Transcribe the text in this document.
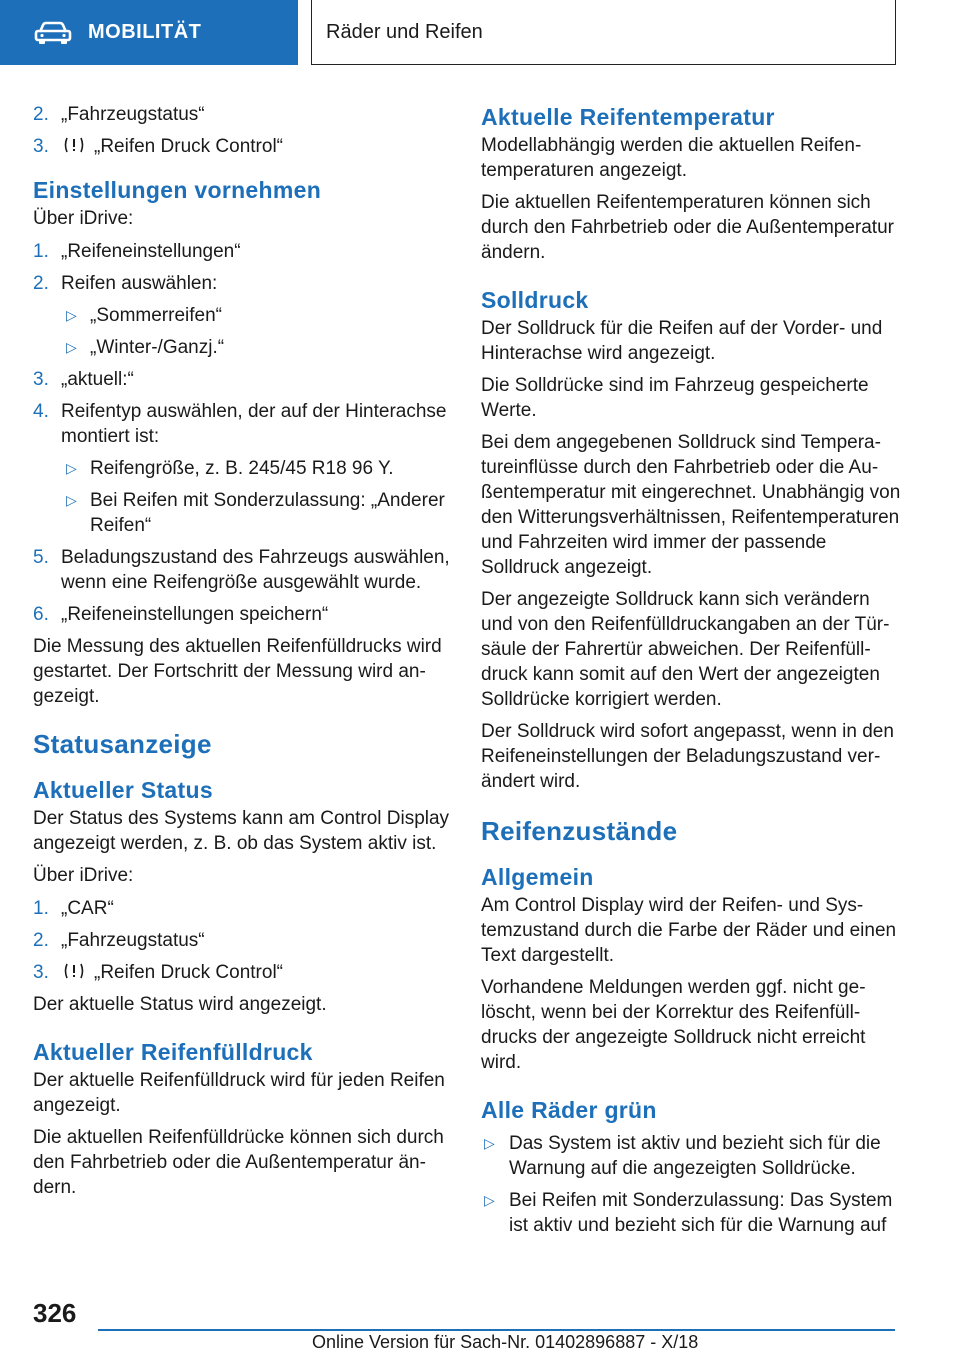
MOBILITÄT	Räder und Reifen
2. „Fahrzeugstatus“
3.	„Reifen Druck Control“
Einstellungen vornehmen
Über iDrive:
1. „Reifeneinstellungen“
2. Reifen auswählen:
▷ „Sommerreifen“
▷ „Winter-/Ganzj.“
3. „aktuell:“
4. Reifentyp auswählen, der auf der Hinterachse montiert ist:
▷ Reifengröße, z. B. 245/45 R18 96 Y.
▷ Bei Reifen mit Sonderzulassung: „Anderer Reifen“
5. Beladungszustand des Fahrzeugs auswählen, wenn eine Reifengröße ausgewählt wurde.
6. „Reifeneinstellungen speichern“
Die Messung des aktuellen Reifenfülldrucks wird gestartet. Der Fortschritt der Messung wird angezeigt.
Statusanzeige
Aktueller Status
Der Status des Systems kann am Control Display angezeigt werden, z. B. ob das System aktiv ist.
Über iDrive:
1. „CAR“
2. „Fahrzeugstatus“
3.	„Reifen Druck Control“
Der aktuelle Status wird angezeigt.
Aktueller Reifenfülldruck
Der aktuelle Reifenfülldruck wird für jeden Reifen angezeigt.
Die aktuellen Reifenfülldrücke können sich durch den Fahrbetrieb oder die Außentemperatur ändern.
Aktuelle Reifentemperatur
Modellabhängig werden die aktuellen Reifentemperaturen angezeigt.
Die aktuellen Reifentemperaturen können sich durch den Fahrbetrieb oder die Außentemperatur ändern.
Solldruck
Der Solldruck für die Reifen auf der Vorder- und Hinterachse wird angezeigt.
Die Solldrücke sind im Fahrzeug gespeicherte Werte.
Bei dem angegebenen Solldruck sind Temperatureinflüsse durch den Fahrbetrieb oder die Außentemperatur mit eingerechnet. Unabhängig von den Witterungsverhältnissen, Reifentemperaturen und Fahrzeiten wird immer der passende Solldruck angezeigt.
Der angezeigte Solldruck kann sich verändern und von den Reifenfülldruckangaben an der Türsäule der Fahrertür abweichen. Der Reifenfülldruck kann somit auf den Wert der angezeigten Solldrücke korrigiert werden.
Der Solldruck wird sofort angepasst, wenn in den Reifeneinstellungen der Beladungszustand verändert wird.
Reifenzustände
Allgemein
Am Control Display wird der Reifen- und Systemzustand durch die Farbe der Räder und einen Text dargestellt.
Vorhandene Meldungen werden ggf. nicht gelöscht, wenn bei der Korrektur des Reifenfülldrucks der angezeigte Solldruck nicht erreicht wird.
Alle Räder grün
▷ Das System ist aktiv und bezieht sich für die Warnung auf die angezeigten Solldrücke.
▷ Bei Reifen mit Sonderzulassung: Das System ist aktiv und bezieht sich für die Warnung auf
326
Online Version für Sach-Nr. 01402896887 - X/18
